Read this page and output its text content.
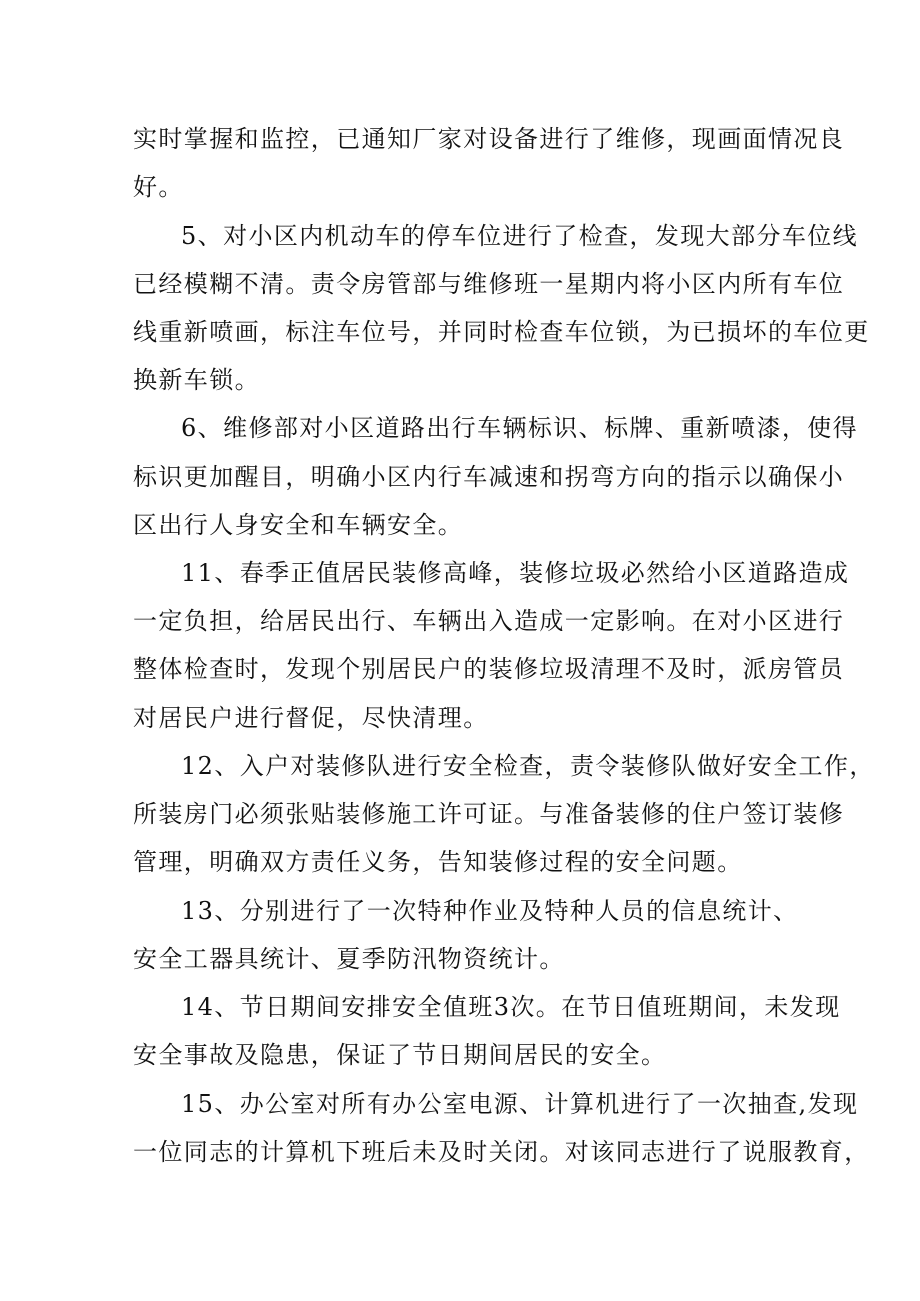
实时掌握和监控，已通知厂家对设备进行了维修，现画面情况良
好。
5、对小区内机动车的停车位进行了检查，发现大部分车位线
已经模糊不清。责令房管部与维修班一星期内将小区内所有车位
线重新喷画，标注车位号，并同时检查车位锁，为已损坏的车位更
换新车锁。
6、维修部对小区道路出行车辆标识、标牌、重新喷漆，使得
标识更加醒目，明确小区内行车减速和拐弯方向的指示以确保小
区出行人身安全和车辆安全。
11、春季正值居民装修高峰，装修垃圾必然给小区道路造成
一定负担，给居民出行、车辆出入造成一定影响。在对小区进行
整体检查时，发现个别居民户的装修垃圾清理不及时，派房管员
对居民户进行督促，尽快清理。
12、入户对装修队进行安全检查，责令装修队做好安全工作，
所装房门必须张贴装修施工许可证。与准备装修的住户签订装修
管理，明确双方责任义务，告知装修过程的安全问题。
13、分别进行了一次特种作业及特种人员的信息统计、
安全工器具统计、夏季防汛物资统计。
14、节日期间安排安全值班3次。在节日值班期间，未发现
安全事故及隐患，保证了节日期间居民的安全。
15、办公室对所有办公室电源、计算机进行了一次抽查,发现
一位同志的计算机下班后未及时关闭。对该同志进行了说服教育，
